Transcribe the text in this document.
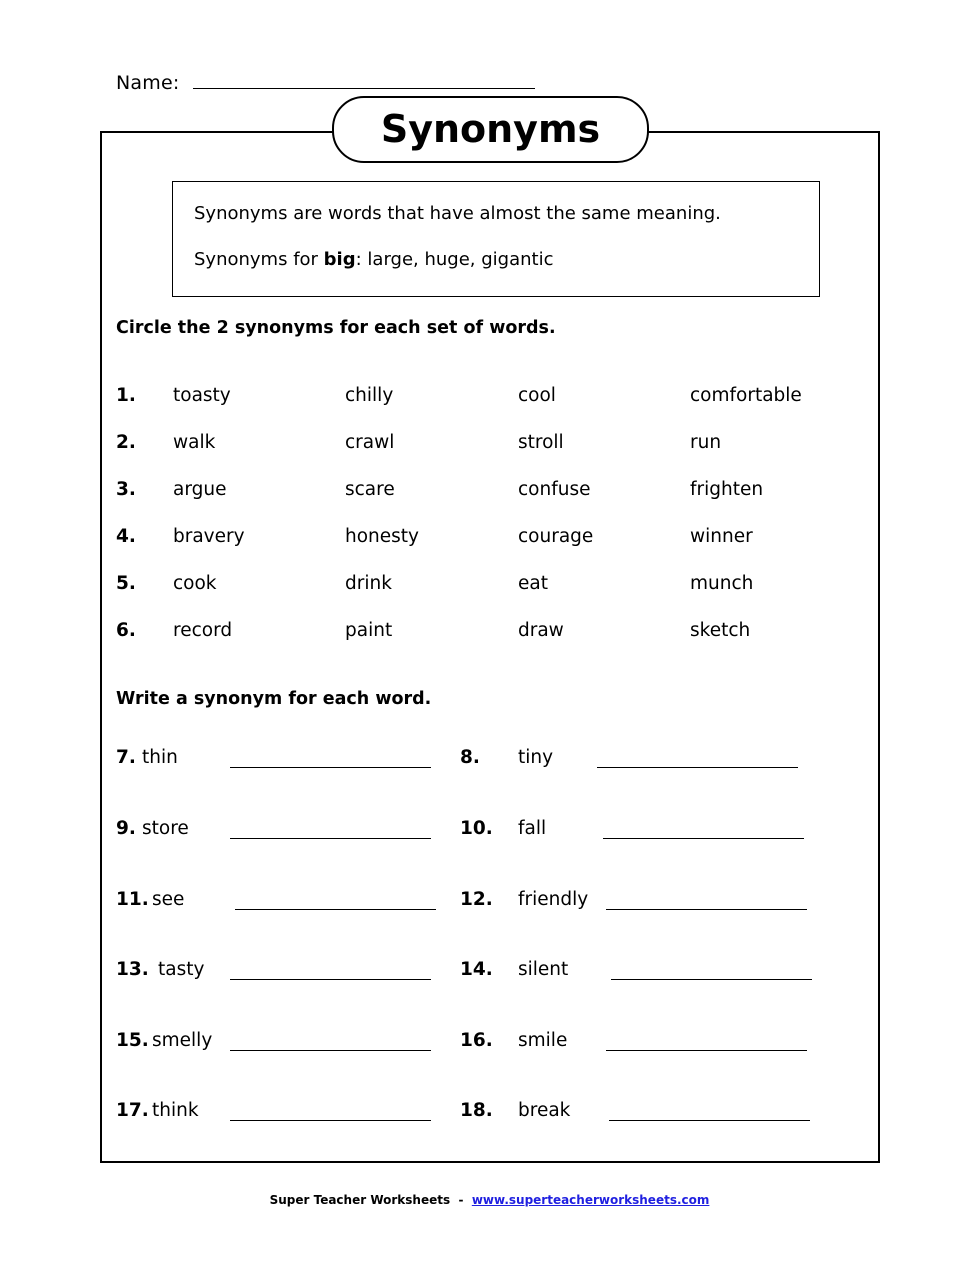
Name:
Synonyms
Synonyms are words that have almost the same meaning.
Synonyms for big: large, huge, gigantic
Circle the 2 synonyms for each set of words.
1. toasty	chilly	cool	comfortable
2. walk	crawl	stroll	run
3. argue	scare	confuse	frighten
4. bravery	honesty	courage	winner
5. cook	drink	eat	munch
6. record	paint	draw	sketch
Write a synonym for each word.
7. thin	8. tiny
9. store	10. fall
11. see	12. friendly
13. tasty	14. silent
15. smelly	16. smile
17. think	18. break
Super Teacher Worksheets  -  www.superteacherworksheets.com
